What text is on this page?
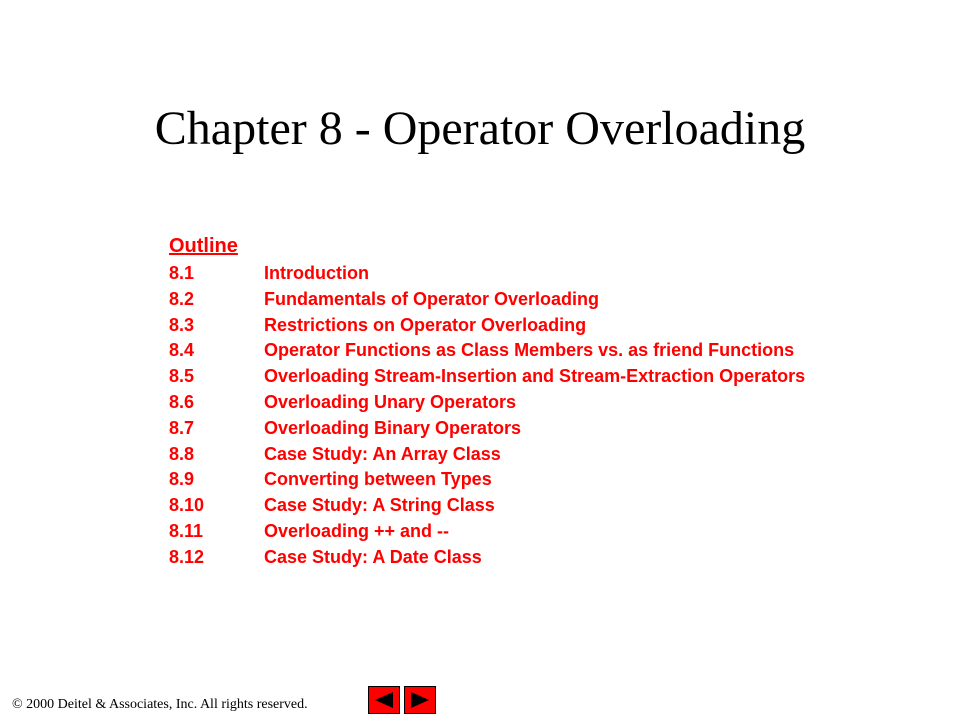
Chapter 8 - Operator Overloading
Outline
8.1	Introduction
8.2	Fundamentals of Operator Overloading
8.3	Restrictions on Operator Overloading
8.4	Operator Functions as Class Members vs. as friend Functions
8.5	Overloading Stream-Insertion and Stream-Extraction Operators
8.6	Overloading Unary Operators
8.7	Overloading Binary Operators
8.8	Case Study: An Array Class
8.9	Converting between Types
8.10	Case Study: A String Class
8.11	Overloading ++ and --
8.12	Case Study: A Date Class
© 2000 Deitel & Associates, Inc. All rights reserved.
